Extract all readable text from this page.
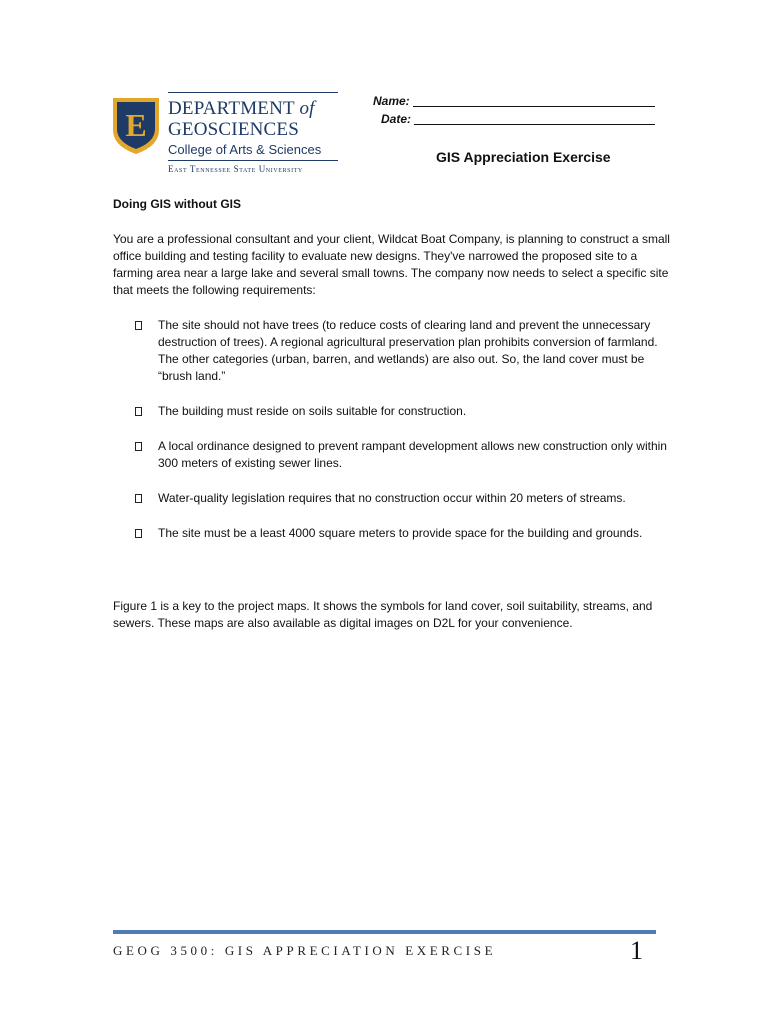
E DEPARTMENT of
GEOSCIENCES
College of Arts & Sciences
East Tennessee State University
Name:
Date:
GIS Appreciation Exercise
Doing GIS without GIS

You are a professional consultant and your client, Wildcat Boat Company, is planning to construct a small office building and testing facility to evaluate new designs. They've narrowed the proposed site to a farming area near a large lake and several small towns. The company now needs to select a specific site that meets the following requirements:

The site should not have trees (to reduce costs of clearing land and prevent the unnecessary destruction of trees). A regional agricultural preservation plan prohibits conversion of farmland. The other categories (urban, barren, and wetlands) are also out. So, the land cover must be “brush land.”
The building must reside on soils suitable for construction.
A local ordinance designed to prevent rampant development allows new construction only within 300 meters of existing sewer lines.
Water-quality legislation requires that no construction occur within 20 meters of streams.
The site must be a least 4000 square meters to provide space for the building and grounds.

Figure 1 is a key to the project maps. It shows the symbols for land cover, soil suitability, streams, and sewers. These maps are also available as digital images on D2L for your convenience.

GEOG 3500: GIS APPRECIATION EXERCISE	1
